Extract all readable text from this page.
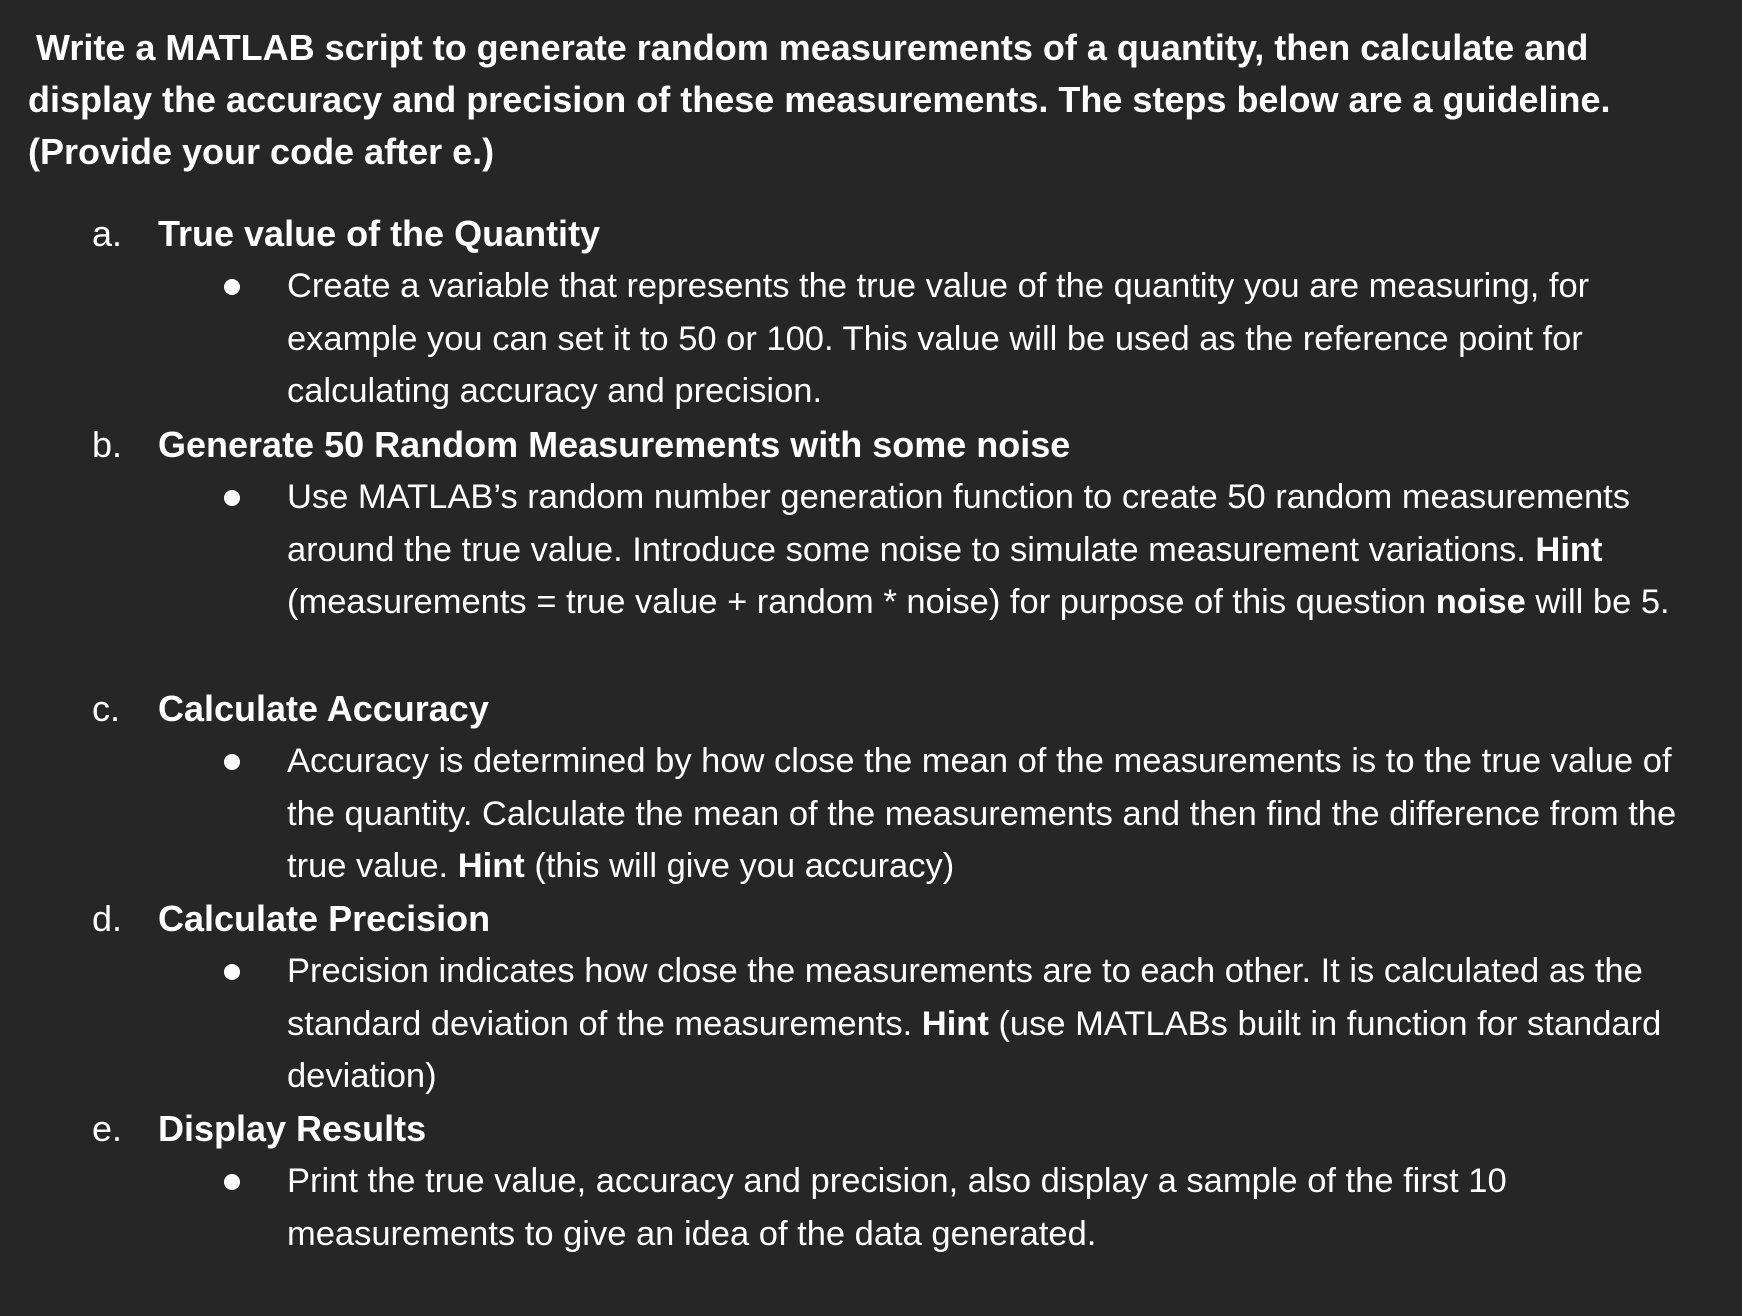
Write a MATLAB script to generate random measurements of a quantity, then calculate and
display the accuracy and precision of these measurements. The steps below are a guideline.
(Provide your code after e.)

a. True value of the Quantity
Create a variable that represents the true value of the quantity you are measuring, for example you can set it to 50 or 100. This value will be used as the reference point for calculating accuracy and precision.
b. Generate 50 Random Measurements with some noise
Use MATLAB’s random number generation function to create 50 random measurements around the true value. Introduce some noise to simulate measurement variations. Hint (measurements = true value + random * noise) for purpose of this question noise will be 5.
c. Calculate Accuracy
Accuracy is determined by how close the mean of the measurements is to the true value of the quantity. Calculate the mean of the measurements and then find the difference from the true value. Hint (this will give you accuracy)
d. Calculate Precision
Precision indicates how close the measurements are to each other. It is calculated as the standard deviation of the measurements. Hint (use MATLABs built in function for standard deviation)
e. Display Results
Print the true value, accuracy and precision, also display a sample of the first 10 measurements to give an idea of the data generated.
